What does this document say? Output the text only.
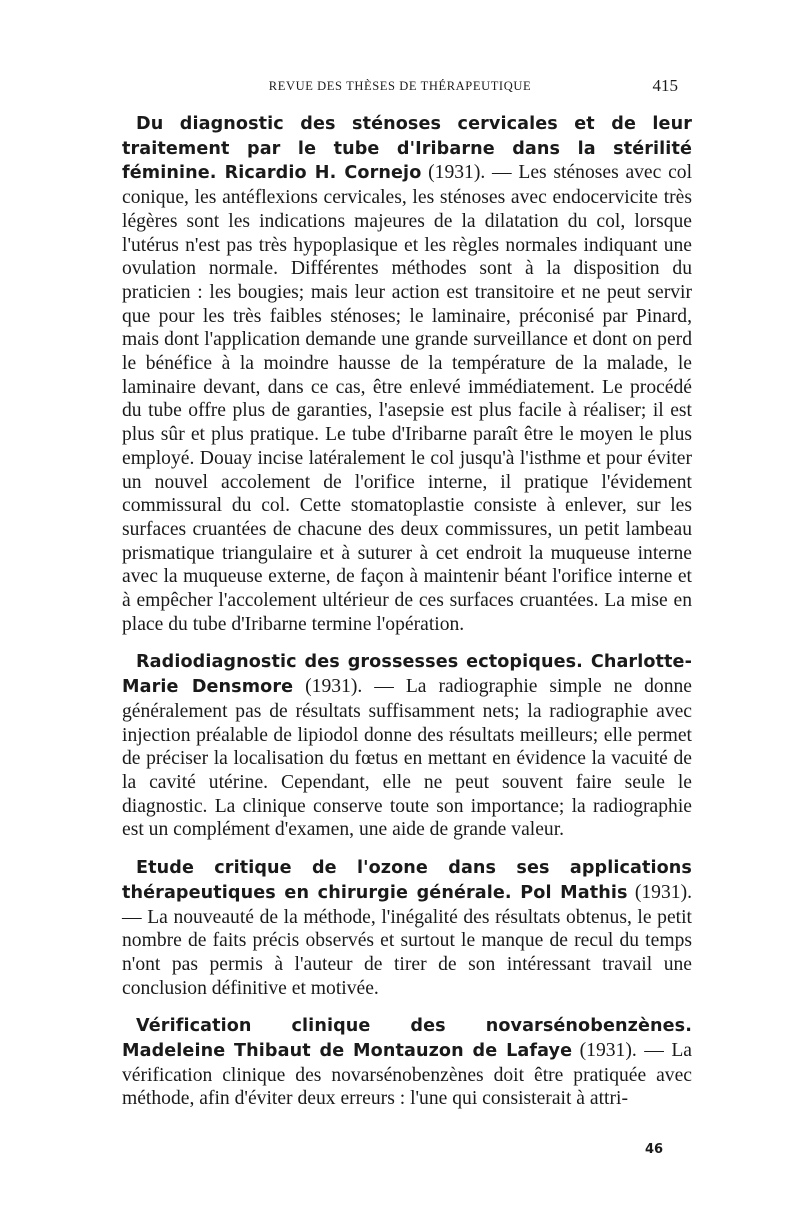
REVUE DES THÈSES DE THÉRAPEUTIQUE	415

Du diagnostic des sténoses cervicales et de leur traitement par le tube d'Iribarne dans la stérilité féminine. Ricardio H. Cornejo (1931). — Les sténoses avec col conique, les antéflexions cervicales, les sténoses avec endocervicite très légères sont les indications majeures de la dilatation du col, lorsque l'utérus n'est pas très hypoplasique et les règles normales indiquant une ovulation normale. Différentes méthodes sont à la disposition du praticien : les bougies; mais leur action est transitoire et ne peut servir que pour les très faibles sténoses; le laminaire, préconisé par Pinard, mais dont l'application demande une grande surveillance et dont on perd le bénéfice à la moindre hausse de la température de la malade, le laminaire devant, dans ce cas, être enlevé immédiatement. Le procédé du tube offre plus de garanties, l'asepsie est plus facile à réaliser; il est plus sûr et plus pratique. Le tube d'Iribarne paraît être le moyen le plus employé. Douay incise latéralement le col jusqu'à l'isthme et pour éviter un nouvel accolement de l'orifice interne, il pratique l'évidement commissural du col. Cette stomatoplastie consiste à enlever, sur les surfaces cruantées de chacune des deux commissures, un petit lambeau prismatique triangulaire et à suturer à cet endroit la muqueuse interne avec la muqueuse externe, de façon à maintenir béant l'orifice interne et à empêcher l'accolement ultérieur de ces surfaces cruantées. La mise en place du tube d'Iribarne termine l'opération.

Radiodiagnostic des grossesses ectopiques. Charlotte-Marie Densmore (1931). — La radiographie simple ne donne généralement pas de résultats suffisamment nets; la radiographie avec injection préalable de lipiodol donne des résultats meilleurs; elle permet de préciser la localisation du fœtus en mettant en évidence la vacuité de la cavité utérine. Cependant, elle ne peut souvent faire seule le diagnostic. La clinique conserve toute son importance; la radiographie est un complément d'examen, une aide de grande valeur.

Etude critique de l'ozone dans ses applications thérapeutiques en chirurgie générale. Pol Mathis (1931). — La nouveauté de la méthode, l'inégalité des résultats obtenus, le petit nombre de faits précis observés et surtout le manque de recul du temps n'ont pas permis à l'auteur de tirer de son intéressant travail une conclusion définitive et motivée.

Vérification clinique des novarsénobenzènes. Madeleine Thibaut de Montauzon de Lafaye (1931). — La vérification clinique des novarsénobenzènes doit être pratiquée avec méthode, afin d'éviter deux erreurs : l'une qui consisterait à attri-

46
